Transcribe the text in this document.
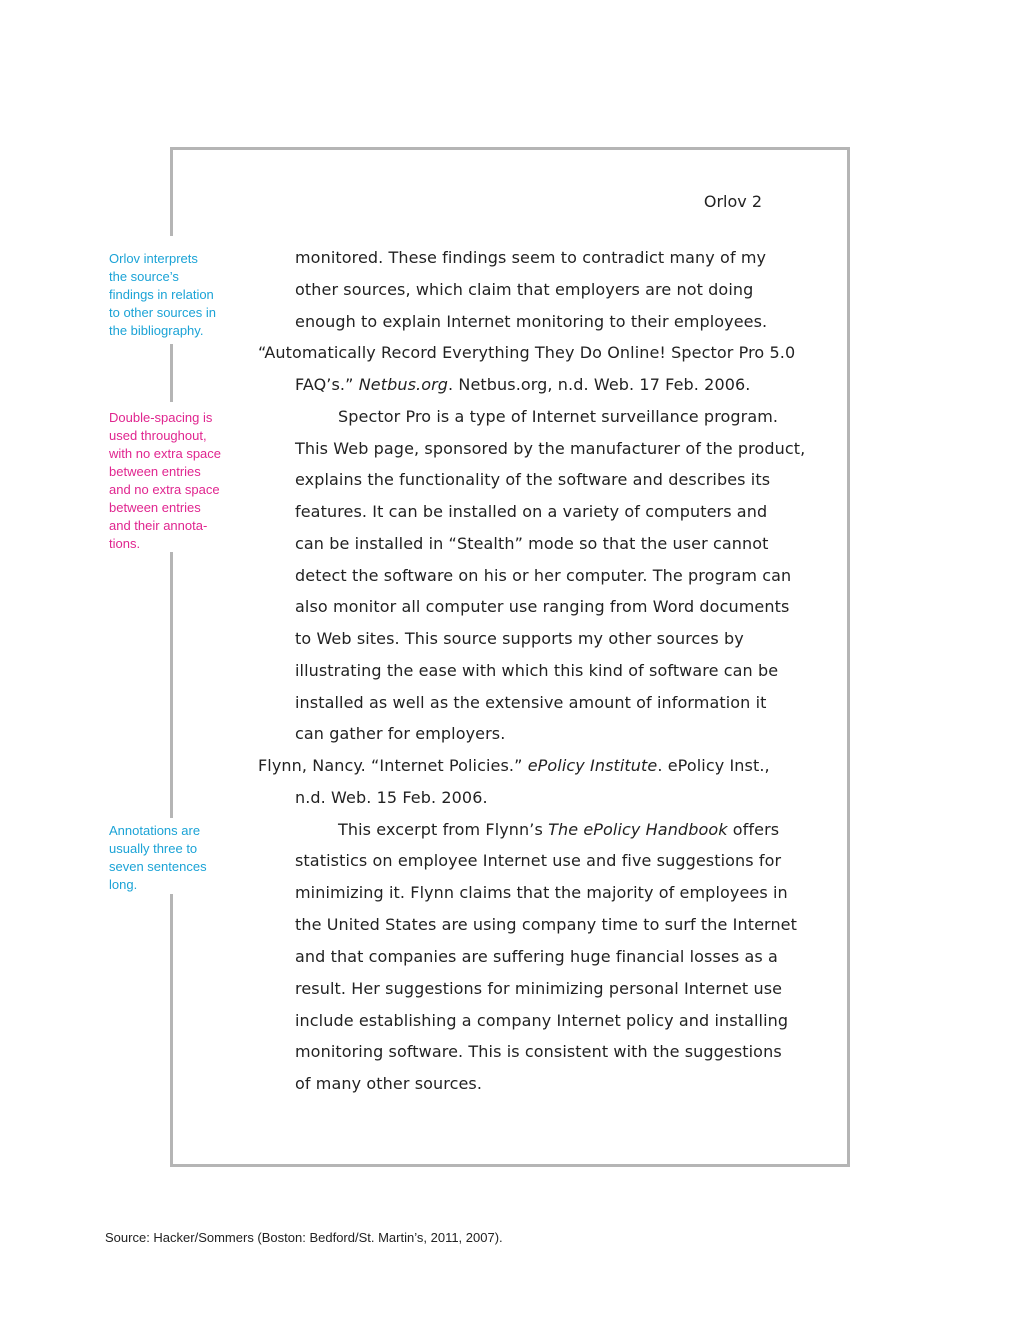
Orlov 2
Orlov interprets
the source’s
findings in relation
to other sources in
the bibliography.
Double-spacing is
used throughout,
with no extra space
between entries
and no extra space
between entries
and their annota-
tions.
Annotations are
usually three to
seven sentences
long.
monitored. These findings seem to contradict many of my
other sources, which claim that employers are not doing
enough to explain Internet monitoring to their employees.
“Automatically Record Everything They Do Online! Spector Pro 5.0
FAQ’s.” Netbus.org. Netbus.org, n.d. Web. 17 Feb. 2006.
Spector Pro is a type of Internet surveillance program.
This Web page, sponsored by the manufacturer of the product,
explains the functionality of the software and describes its
features. It can be installed on a variety of computers and
can be installed in “Stealth” mode so that the user cannot
detect the software on his or her computer. The program can
also monitor all computer use ranging from Word documents
to Web sites. This source supports my other sources by
illustrating the ease with which this kind of software can be
installed as well as the extensive amount of information it
can gather for employers.
Flynn, Nancy. “Internet Policies.” ePolicy Institute. ePolicy Inst.,
n.d. Web. 15 Feb. 2006.
This excerpt from Flynn’s The ePolicy Handbook offers
statistics on employee Internet use and five suggestions for
minimizing it. Flynn claims that the majority of employees in
the United States are using company time to surf the Internet
and that companies are suffering huge financial losses as a
result. Her suggestions for minimizing personal Internet use
include establishing a company Internet policy and installing
monitoring software. This is consistent with the suggestions
of many other sources.
Source: Hacker/Sommers (Boston: Bedford/St. Martin’s, 2011, 2007).
